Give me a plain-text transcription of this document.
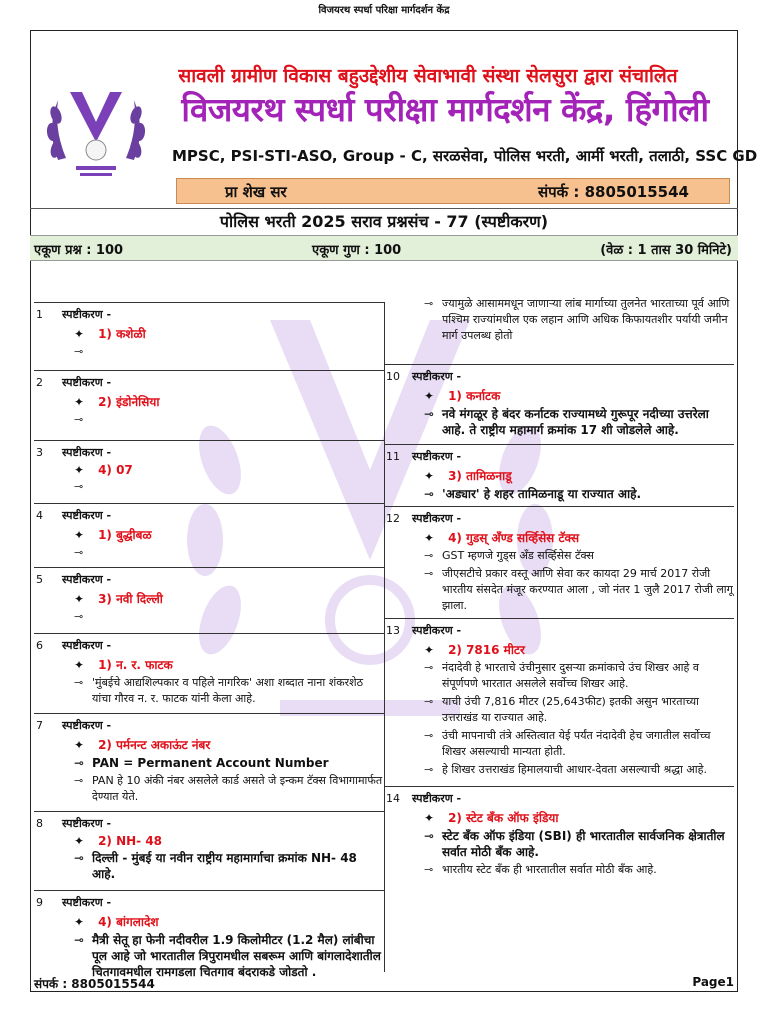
विजयरथ स्पर्धा परिक्षा मार्गदर्शन केंद्र
सावली ग्रामीण विकास बहुउद्देशीय सेवाभावी संस्था सेलसुरा द्वारा संचालित
विजयरथ स्पर्धा परीक्षा मार्गदर्शन केंद्र, हिंगोली
MPSC, PSI-STI-ASO, Group - C, सरळसेवा, पोलिस भरती, आर्मी भरती, तलाठी, SSC GD
प्रा शेख सर	संपर्क : 8805015544
पोलिस भरती 2025 सराव प्रश्नसंच - 77 (स्पष्टीकरण)
एकूण प्रश्न : 100	एकूण गुण : 100	(वेळ : 1 तास 30 मिनिटे)
1 स्पष्टीकरण -
✦ 1) कशेळी
⊸
2 स्पष्टीकरण -
✦ 2) इंडोनेसिया
⊸
3 स्पष्टीकरण -
✦ 4) 07
⊸
4 स्पष्टीकरण -
✦ 1) बुद्धीबळ
⊸
5 स्पष्टीकरण -
✦ 3) नवी दिल्ली
⊸
6 स्पष्टीकरण -
✦ 1) न. र. फाटक
⊸ 'मुंबईचे आद्यशिल्पकार व पहिले नागरिक' अशा शब्दात नाना शंकरशेठ यांचा गौरव न. र. फाटक यांनी केला आहे.
7 स्पष्टीकरण -
✦ 2) पर्मनन्ट अकाऊंट नंबर
⊸ PAN = Permanent Account Number
⊸ PAN हे 10 अंकी नंबर असलेले कार्ड असते जे इन्कम टॅक्स विभागामार्फत देण्यात येते.
8 स्पष्टीकरण -
✦ 2) NH- 48
⊸ दिल्ली - मुंबई या नवीन राष्ट्रीय महामार्गाचा क्रमांक NH- 48 आहे.
9 स्पष्टीकरण -
✦ 4) बांगलादेश
⊸ मैत्री सेतू हा फेनी नदीवरील 1.9 किलोमीटर (1.2 मैल) लांबीचा पूल आहे जो भारतातील त्रिपुरामधील सबरूम आणि बांगलादेशातील चितगावमधील रामगडला चितगाव बंदराकडे जोडतो .
⊸ ज्यामुळे आसाममधून जाणाऱ्या लांब मार्गाच्या तुलनेत भारताच्या पूर्व आणि पश्चिम राज्यांमधील एक लहान आणि अधिक किफायतशीर पर्यायी जमीन मार्ग उपलब्ध होतो
10 स्पष्टीकरण -
✦ 1) कर्नाटक
⊸ नवे मंगळूर हे बंदर कर्नाटक राज्यामध्ये गुरूपूर नदीच्या उत्तरेला आहे. ते राष्ट्रीय महामार्ग क्रमांक 17 शी जोडलेले आहे.
11 स्पष्टीकरण -
✦ 3) तामिळनाडू
⊸ 'अड्यार' हे शहर तामिळनाडू या राज्यात आहे.
12 स्पष्टीकरण -
✦ 4) गुडस् अँण्ड सर्व्हिसेस टॅक्स
⊸ GST म्हणजे गुड्स अँड सर्व्हिसेस टॅक्स
⊸ जीएसटीचे प्रकार वस्तू आणि सेवा कर कायदा 29 मार्च 2017 रोजी भारतीय संसदेत मंजूर करण्यात आला , जो नंतर 1 जुलै 2017 रोजी लागू झाला.
13 स्पष्टीकरण -
✦ 2) 7816 मीटर
⊸ नंदादेवी हे भारताचे उंचीनुसार दुसऱ्या क्रमांकाचे उंच शिखर आहे व संपूर्णपणे भारतात असलेले सर्वोच्च शिखर आहे.
⊸ याची उंची 7,816 मीटर (25,643फीट) इतकी असुन भारताच्या उत्तराखंड या राज्यात आहे.
⊸ उंची मापनाची तंत्रे अस्तित्वात येई पर्यंत नंदादेवी हेच जगातील सर्वोच्च शिखर असल्याची मान्यता होती.
⊸ हे शिखर उत्तराखंड हिमालयाची आधार-देवता असल्याची श्रद्धा आहे.
14 स्पष्टीकरण -
✦ 2) स्टेट बँक ऑफ इंडिया
⊸ स्टेट बँक ऑफ इंडिया (SBI) ही भारतातील सार्वजनिक क्षेत्रातील सर्वात मोठी बँक आहे.
⊸ भारतीय स्टेट बँक ही भारतातील सर्वात मोठी बँक आहे.
संपर्क : 8805015544	Page1
